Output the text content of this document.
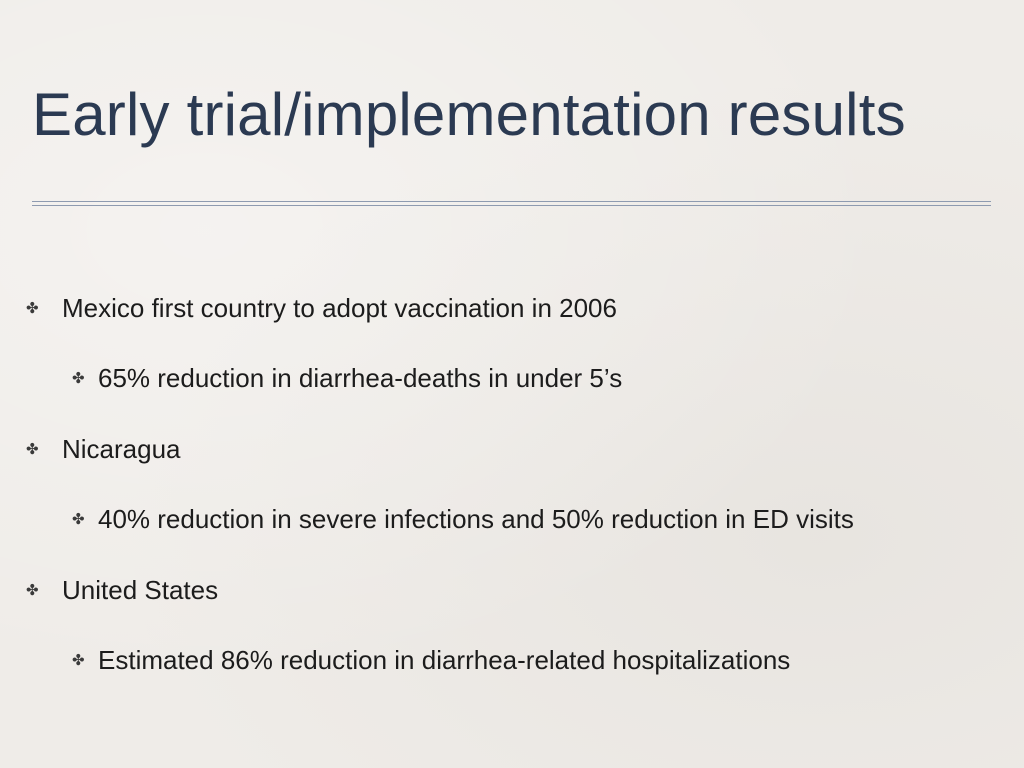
Early trial/implementation results
✤ Mexico first country to adopt vaccination in 2006
✤ 65% reduction in diarrhea-deaths in under 5’s
✤ Nicaragua
✤ 40% reduction in severe infections and 50% reduction in ED visits
✤ United States
✤ Estimated 86% reduction in diarrhea-related hospitalizations
